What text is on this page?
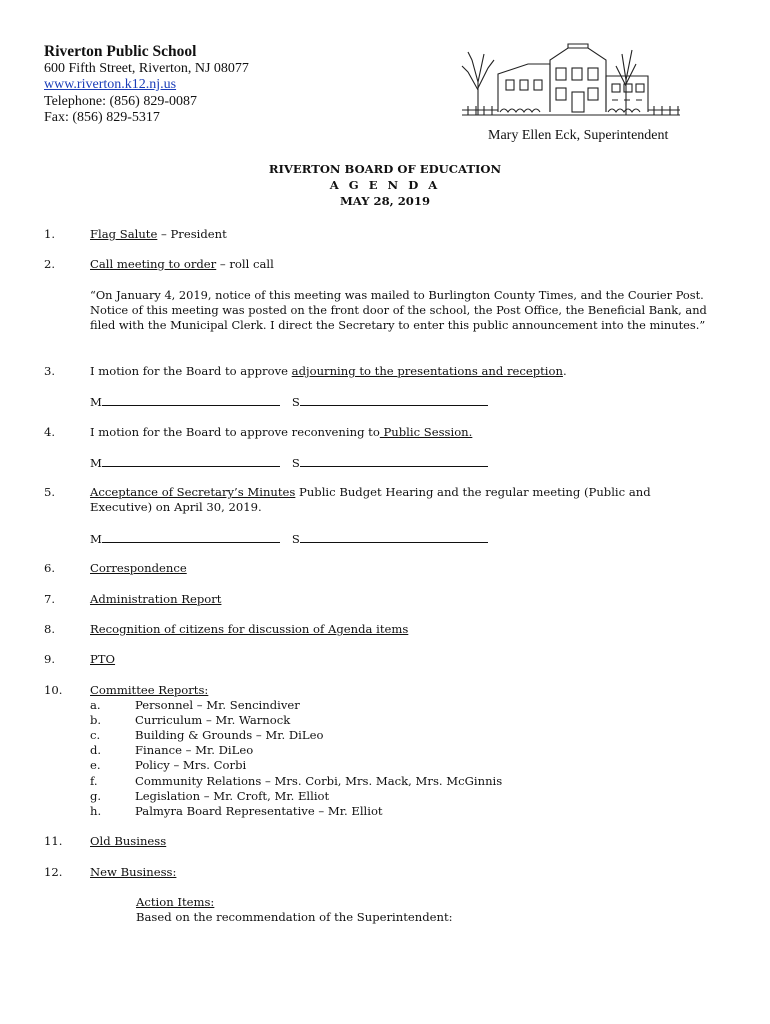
Riverton Public School
600 Fifth Street, Riverton, NJ 08077
www.riverton.k12.nj.us
Telephone: (856) 829-0087
Fax: (856) 829-5317
Mary Ellen Eck, Superintendent
RIVERTON BOARD OF EDUCATION
A G E N D A
MAY 28, 2019
1.	Flag Salute – President
2.	Call meeting to order – roll call
“On January 4, 2019, notice of this meeting was mailed to Burlington County Times, and the Courier Post. Notice of this meeting was posted on the front door of the school, the Post Office, the Beneficial Bank, and filed with the Municipal Clerk. I direct the Secretary to enter this public announcement into the minutes.”
3.	I motion for the Board to approve adjourning to the presentations and reception.
M	S
4.	I motion for the Board to approve reconvening to Public Session.
M	S
5.	Acceptance of Secretary’s Minutes Public Budget Hearing and the regular meeting (Public and Executive) on April 30, 2019.
M	S
6.	Correspondence
7.	Administration Report
8.	Recognition of citizens for discussion of Agenda items
9.	PTO
10. Committee Reports:
a.	Personnel – Mr. Sencindiver
b.	Curriculum – Mr. Warnock
c.	Building & Grounds – Mr. DiLeo
d.	Finance – Mr. DiLeo
e.	Policy – Mrs. Corbi
f.	Community Relations – Mrs. Corbi, Mrs. Mack, Mrs. McGinnis
g.	Legislation – Mr. Croft, Mr. Elliot
h.	Palmyra Board Representative – Mr. Elliot
11. Old Business
12. New Business:
Action Items:
Based on the recommendation of the Superintendent:
